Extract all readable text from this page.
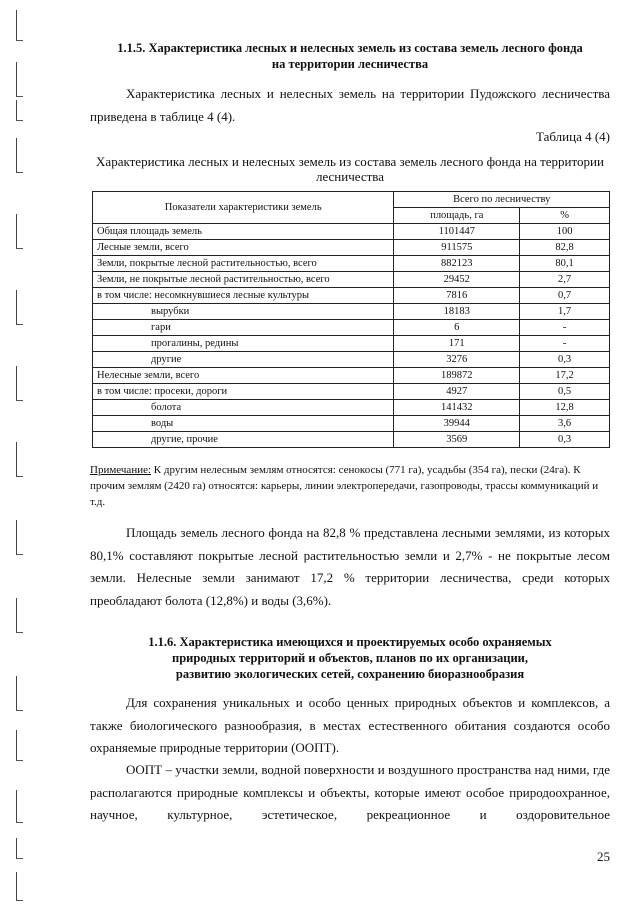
1.1.5. Характеристика лесных и нелесных земель из состава земель лесного фонда
на территории лесничества
Характеристика лесных и нелесных земель на территории Пудожского лесничества приведена в таблице 4 (4).
Таблица 4 (4)
Характеристика лесных и нелесных земель из состава земель лесного фонда на территории лесничества
Показатели характеристики земель	Всего по лесничеству	
	площадь, га	%
Общая площадь земель	1101447	100
Лесные земли, всего	911575	82,8
Земли, покрытые лесной растительностью, всего	882123	80,1
Земли, не покрытые лесной растительностью, всего	29452	2,7
в том числе: несомкнувшиеся лесные культуры	7816	0,7
вырубки	18183	1,7
гари	6	-
прогалины, редины	171	-
другие	3276	0,3
Нелесные земли, всего	189872	17,2
в том числе: просеки, дороги	4927	0,5
болота	141432	12,8
воды	39944	3,6
другие, прочие	3569	0,3
Примечание: К другим нелесным землям относятся: сенокосы (771 га), усадьбы (354 га), пески (24га). К прочим землям (2420 га) относятся: карьеры, линии электропередачи, газопроводы, трассы коммуникаций и т.д.
Площадь земель лесного фонда на 82,8 % представлена лесными землями, из которых 80,1% составляют покрытые лесной растительностью земли и 2,7% - не покрытые лесом земли. Нелесные земли занимают 17,2 % территории лесничества, среди которых преобладают болота (12,8%) и воды (3,6%).
1.1.6. Характеристика имеющихся и проектируемых особо охраняемых
природных территорий и объектов, планов по их организации,
развитию экологических сетей, сохранению биоразнообразия
Для сохранения уникальных и особо ценных природных объектов и комплексов, а также биологического разнообразия, в местах естественного обитания создаются особо охраняемые природные территории (ООПТ).
ООПТ – участки земли, водной поверхности и воздушного пространства над ними, где располагаются природные комплексы и объекты, которые имеют особое природоохранное, научное, культурное, эстетическое, рекреационное и оздоровительное
25
